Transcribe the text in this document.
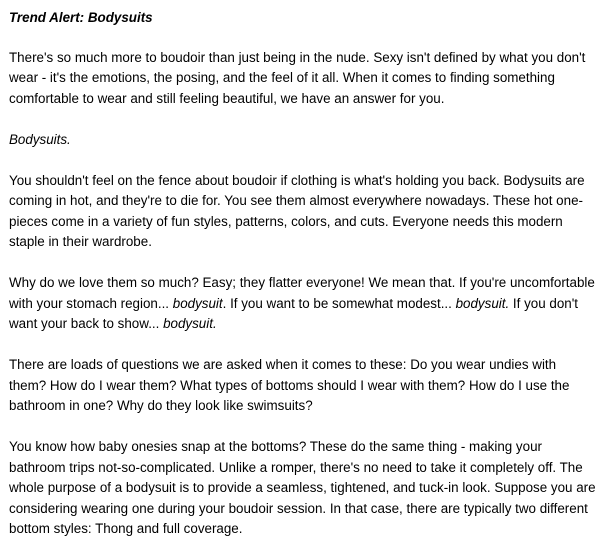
Trend Alert: Bodysuits

There's so much more to boudoir than just being in the nude. Sexy isn't defined by what you don't wear - it's the emotions, the posing, and the feel of it all. When it comes to finding something comfortable to wear and still feeling beautiful, we have an answer for you.

Bodysuits.

You shouldn't feel on the fence about boudoir if clothing is what's holding you back. Bodysuits are coming in hot, and they're to die for. You see them almost everywhere nowadays. These hot one-pieces come in a variety of fun styles, patterns, colors, and cuts. Everyone needs this modern staple in their wardrobe.

Why do we love them so much? Easy; they flatter everyone! We mean that. If you're uncomfortable with your stomach region... bodysuit. If you want to be somewhat modest... bodysuit. If you don't want your back to show... bodysuit.

There are loads of questions we are asked when it comes to these: Do you wear undies with them? How do I wear them? What types of bottoms should I wear with them? How do I use the bathroom in one? Why do they look like swimsuits?

You know how baby onesies snap at the bottoms? These do the same thing - making your bathroom trips not-so-complicated. Unlike a romper, there's no need to take it completely off. The whole purpose of a bodysuit is to provide a seamless, tightened, and tuck-in look. Suppose you are considering wearing one during your boudoir session. In that case, there are typically two different bottom styles: Thong and full coverage.
